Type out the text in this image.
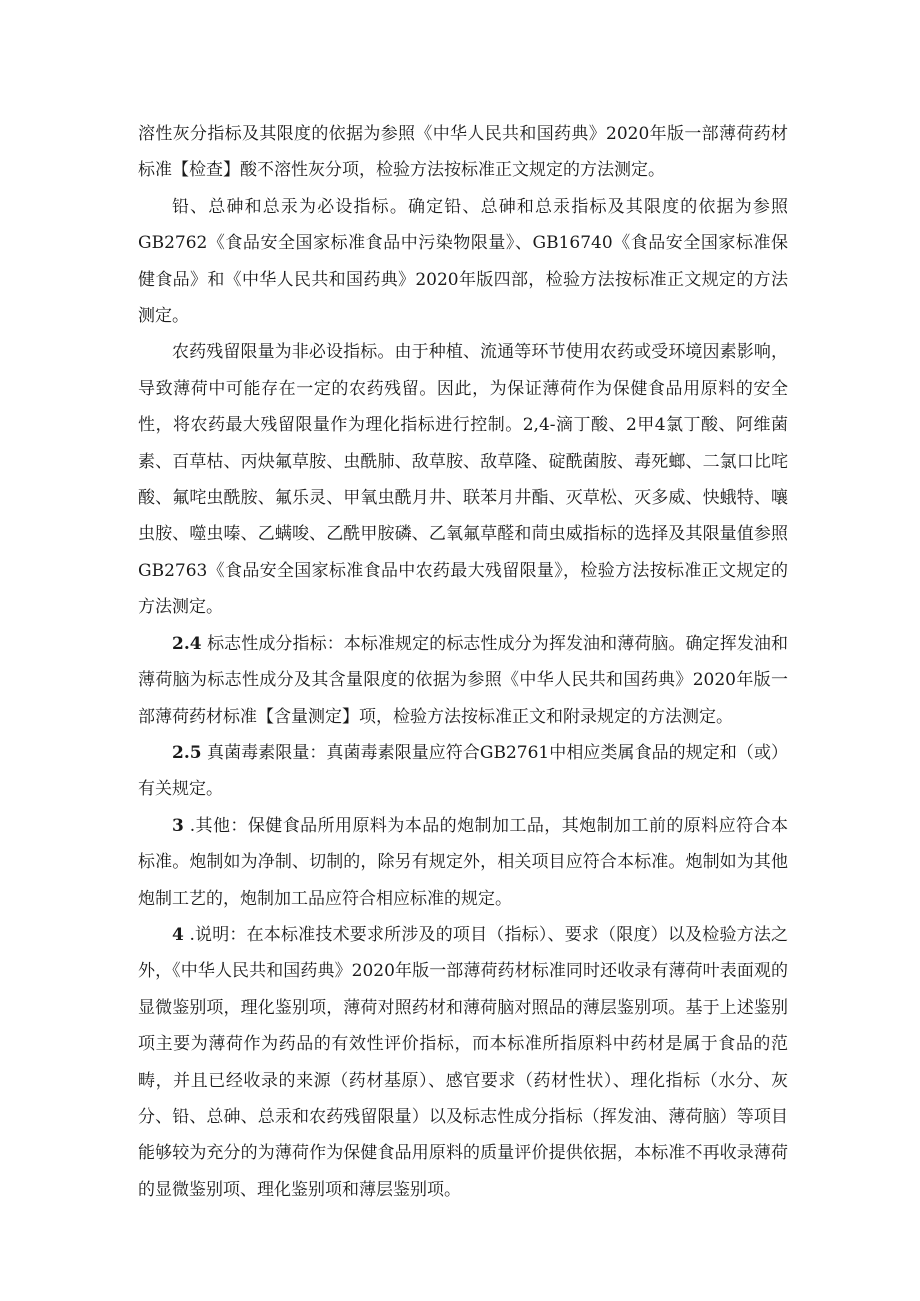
溶性灰分指标及其限度的依据为参照《中华人民共和国药典》2020年版一部薄荷药材标准【检查】酸不溶性灰分项，检验方法按标准正文规定的方法测定。

铅、总砷和总汞为必设指标。确定铅、总砷和总汞指标及其限度的依据为参照GB2762《食品安全国家标准食品中污染物限量》、GB16740《食品安全国家标准保健食品》和《中华人民共和国药典》2020年版四部，检验方法按标准正文规定的方法测定。

农药残留限量为非必设指标。由于种植、流通等环节使用农药或受环境因素影响，导致薄荷中可能存在一定的农药残留。因此，为保证薄荷作为保健食品用原料的安全性，将农药最大残留限量作为理化指标进行控制。2,4-滴丁酸、2甲4氯丁酸、阿维菌素、百草枯、丙炔氟草胺、虫酰肺、敌草胺、敌草隆、碇酰菌胺、毒死螂、二氯口比咤酸、氟咤虫酰胺、氟乐灵、甲氧虫酰月井、联苯月井酯、灭草松、灭多威、快蛾特、嚷虫胺、噬虫嗪、乙螨唆、乙酰甲胺磷、乙氧氟草醛和茼虫威指标的选择及其限量值参照GB2763《食品安全国家标准食品中农药最大残留限量》，检验方法按标准正文规定的方法测定。

2.4 标志性成分指标：本标准规定的标志性成分为挥发油和薄荷脑。确定挥发油和薄荷脑为标志性成分及其含量限度的依据为参照《中华人民共和国药典》2020年版一部薄荷药材标准【含量测定】项，检验方法按标准正文和附录规定的方法测定。

2.5 真菌毒素限量：真菌毒素限量应符合GB2761中相应类属食品的规定和（或）有关规定。

3 .其他：保健食品所用原料为本品的炮制加工品，其炮制加工前的原料应符合本标准。炮制如为净制、切制的，除另有规定外，相关项目应符合本标准。炮制如为其他炮制工艺的，炮制加工品应符合相应标准的规定。

4 .说明：在本标准技术要求所涉及的项目（指标）、要求（限度）以及检验方法之外，《中华人民共和国药典》2020年版一部薄荷药材标准同时还收录有薄荷叶表面观的显微鉴别项，理化鉴别项，薄荷对照药材和薄荷脑对照品的薄层鉴别项。基于上述鉴别项主要为薄荷作为药品的有效性评价指标，而本标准所指原料中药材是属于食品的范畴，并且已经收录的来源（药材基原）、感官要求（药材性状）、理化指标（水分、灰分、铅、总砷、总汞和农药残留限量）以及标志性成分指标（挥发油、薄荷脑）等项目能够较为充分的为薄荷作为保健食品用原料的质量评价提供依据，本标准不再收录薄荷的显微鉴别项、理化鉴别项和薄层鉴别项。
